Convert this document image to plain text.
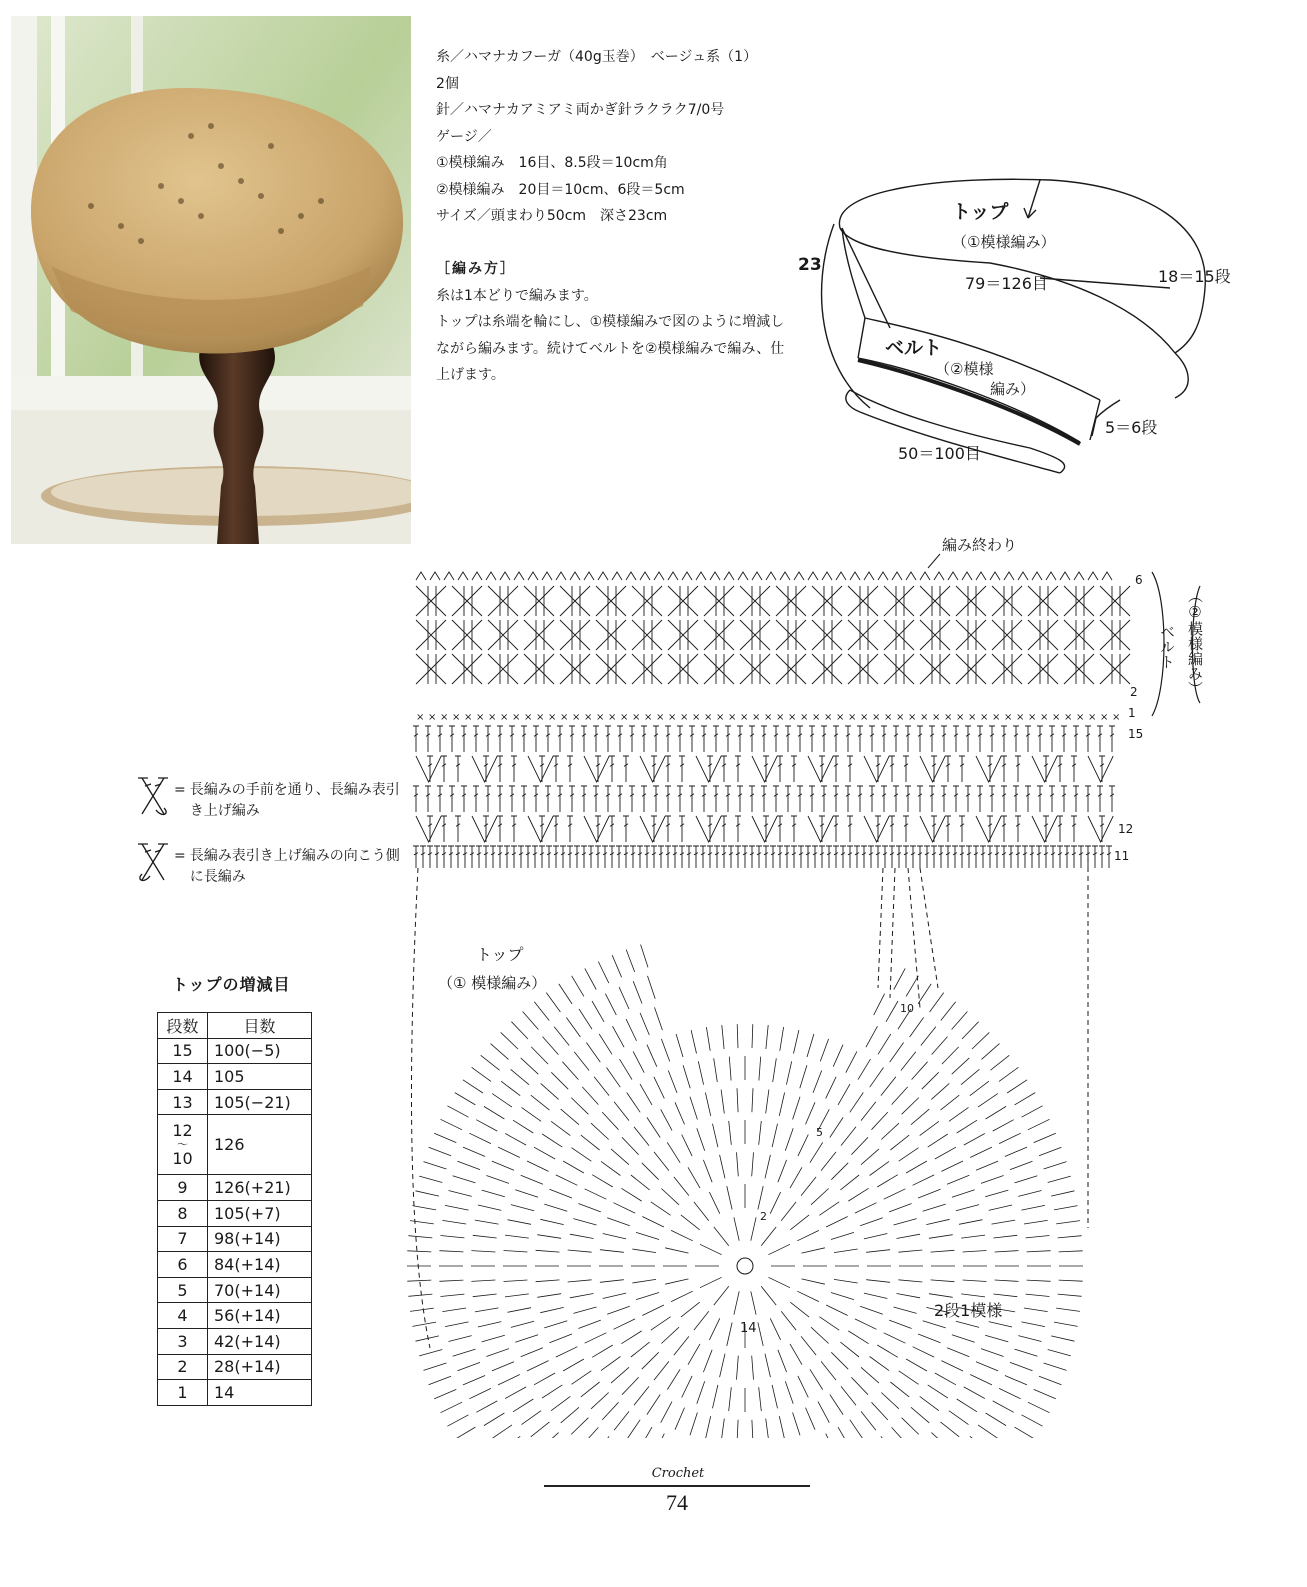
糸／ハマナカフーガ（40g玉巻）　ベージュ系（1）
2個
針／ハマナカアミアミ両かぎ針ラクラク7/0号
ゲージ／
①模様編み　16目、8.5段＝10cm角
②模様編み　20目＝10cm、6段＝5cm
サイズ／頭まわり50cm　深さ23cm
［編み方］
糸は1本どりで編みます。
トップは糸端を輪にし、①模様編みで図のように増減しながら編みます。続けてベルトを②模様編みで編み、仕上げます。
トップ
（①模様編み）
79＝126目
23
18＝15段
ベルト
（②模様
編み）
5＝6段
50＝100目
× × × × × × × × × × × × × × × × × × × × × × × × × × × × × × × × × × × × × × × × × × × × × × × × × × × × × × × × × × ×
編み終わり
ベルト （②模様編み）
6
2
1
15
12
11
トップ
（① 模様編み）
10
5
2
14
2段1模様
= 長編みの手前を通り、長編み表引き上げ編み
= 長編み表引き上げ編みの向こう側に長編み
トップの増減目
段数	目数
15	100(−5)
14	105
13	105(−21)

12
〜
10	126
9	126(+21)
8	105(+7)
7	98(+14)
6	84(+14)
5	70(+14)
4	56(+14)
3	42(+14)
2	28(+14)
1	14
Crochet
74
